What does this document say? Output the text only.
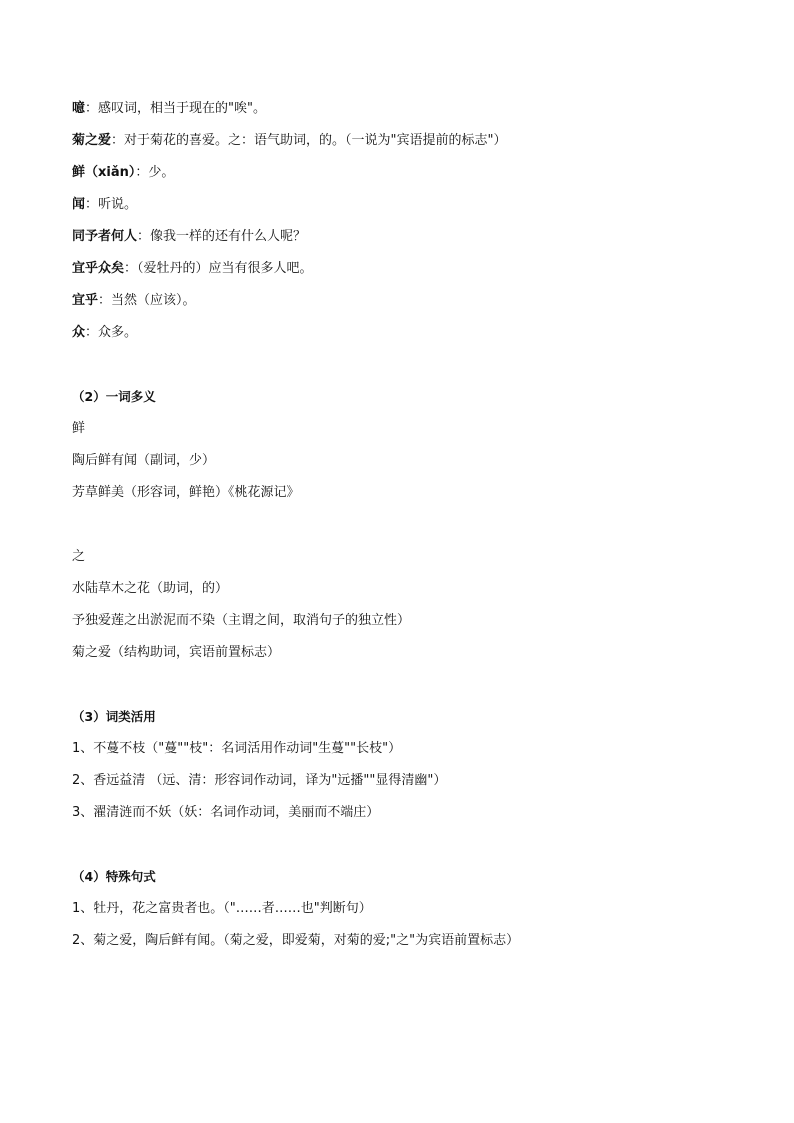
噫：感叹词，相当于现在的"唉"。
菊之爱：对于菊花的喜爱。之：语气助词，的。（一说为"宾语提前的标志"）
鲜（xiǎn）：少。
闻：听说。
同予者何人：像我一样的还有什么人呢？
宜乎众矣：（爱牡丹的）应当有很多人吧。
宜乎：当然（应该）。
众：众多。
（2）一词多义
鲜
陶后鲜有闻（副词，少）
芳草鲜美（形容词，鲜艳）《桃花源记》
之
水陆草木之花（助词，的）
予独爱莲之出淤泥而不染（主谓之间，取消句子的独立性）
菊之爱（结构助词，宾语前置标志）
（3）词类活用
1、不蔓不枝（"蔓""枝"：名词活用作动词"生蔓""长枝"）
2、香远益清 （远、清：形容词作动词，译为"远播""显得清幽"）
3、濯清涟而不妖（妖：名词作动词，美丽而不端庄）
（4）特殊句式
1、牡丹，花之富贵者也。（"……者……也"判断句）
2、菊之爱，陶后鲜有闻。（菊之爱，即爱菊，对菊的爱;"之"为宾语前置标志）
